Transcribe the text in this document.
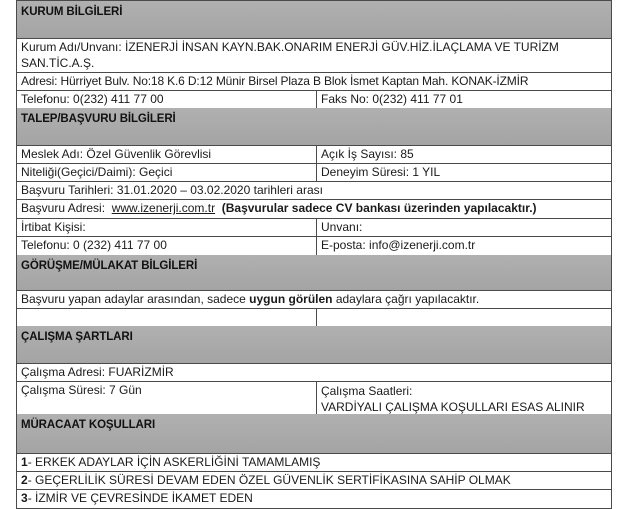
KURUM BİLGİLERİ
Kurum Adı/Unvanı: İZENERJİ İNSAN KAYN.BAK.ONARIM ENERJİ GÜV.HİZ.İLAÇLAMA VE TURİZM
SAN.TİC.A.Ş.
Adresi: Hürriyet Bulv. No:18 K.6 D:12 Münir Birsel Plaza B Blok İsmet Kaptan Mah. KONAK-İZMİR
Telefonu: 0(232) 411 77 00	Faks No: 0(232) 411 77 01
TALEP/BAŞVURU BİLGİLERİ
Meslek Adı: Özel Güvenlik Görevlisi	Açık İş Sayısı: 85
Niteliği(Geçici/Daimi): Geçici	Deneyim Süresi: 1 YIL
Başvuru Tarihleri: 31.01.2020 – 03.02.2020 tarihleri arası
Başvuru Adresi:  www.izenerji.com.tr  (Başvurular sadece CV bankası üzerinden yapılacaktır.)
İrtibat Kişisi:	Unvanı:
Telefonu: 0 (232) 411 77 00	E-posta: info@izenerji.com.tr
GÖRÜŞME/MÜLAKAT BİLGİLERİ
Başvuru yapan adaylar arasından, sadece uygun görülen adaylara çağrı yapılacaktır.
ÇALIŞMA ŞARTLARI
Çalışma Adresi: FUARİZMİR
Çalışma Süresi: 7 Gün	Çalışma Saatleri:
VARDİYALI ÇALIŞMA KOŞULLARI ESAS ALINIR
MÜRACAAT KOŞULLARI
1- ERKEK ADAYLAR İÇİN ASKERLİĞİNİ TAMAMLAMIŞ
2- GEÇERLİLİK SÜRESİ DEVAM EDEN ÖZEL GÜVENLİK SERTİFİKASINA SAHİP OLMAK
3- İZMİR VE ÇEVRESİNDE İKAMET EDEN
